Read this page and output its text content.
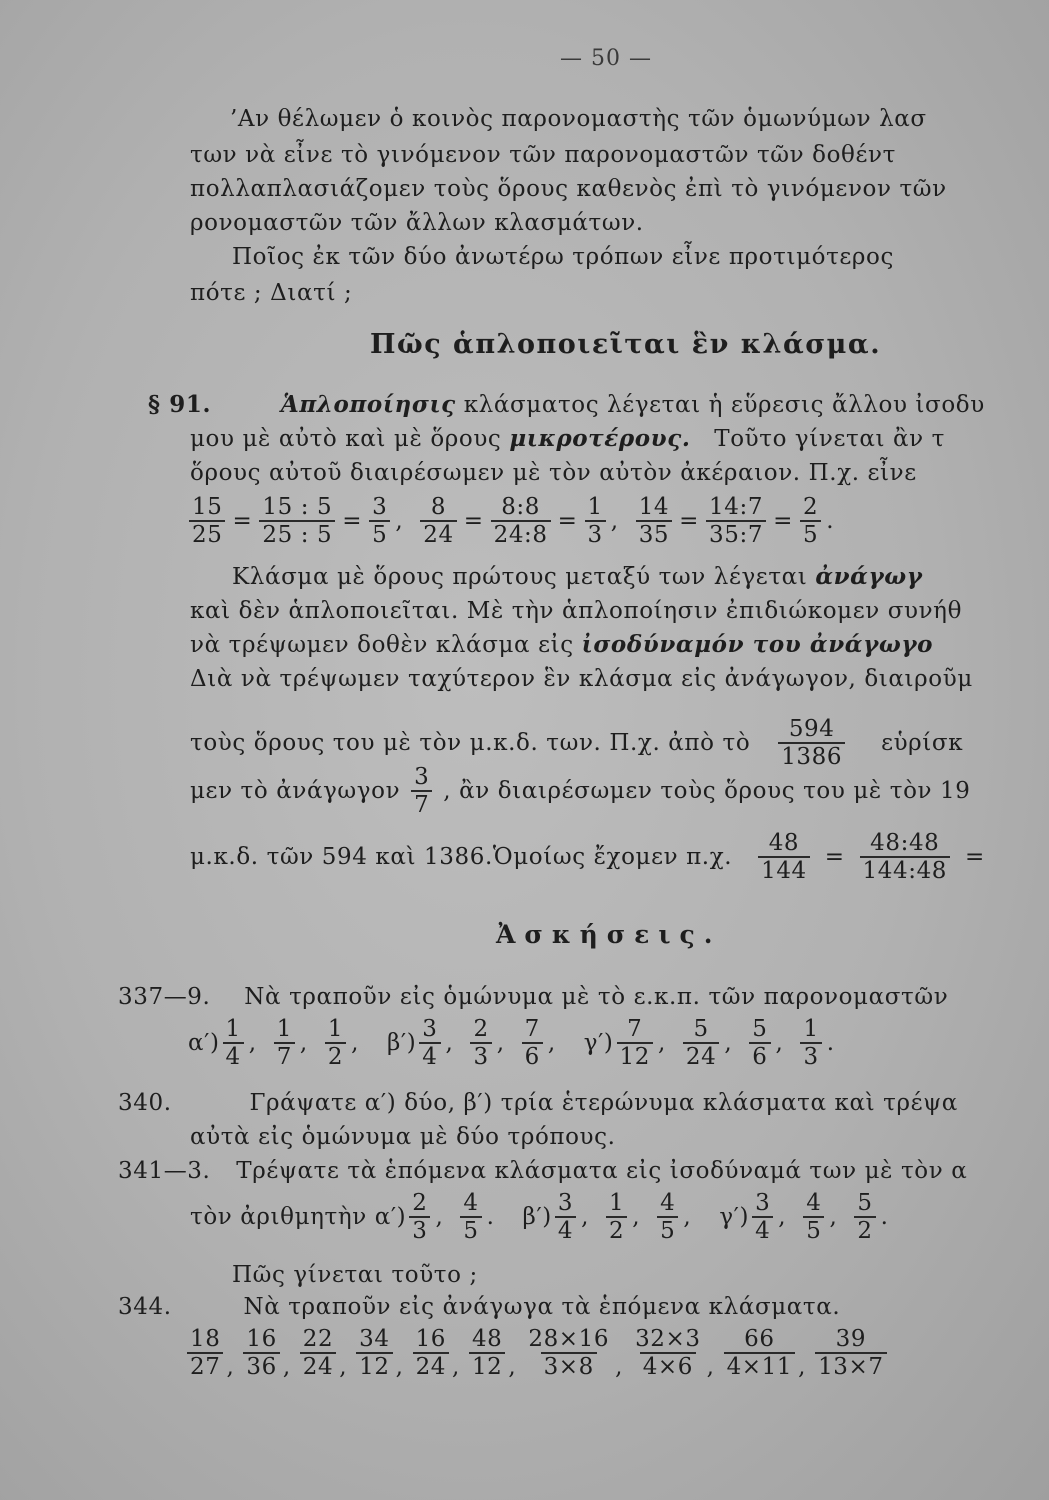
— 50 —
’Αν θέλωμεν ὁ κοινὸς παρονομαστὴς τῶν ὁμωνύμων λασ
των νὰ εἶνε τὸ γινόμενον τῶν παρονομαστῶν τῶν δοθέντ
πολλαπλασιάζομεν τοὺς ὅρους καθενὸς ἐπὶ τὸ γινόμενον τῶν
ρονομαστῶν τῶν ἄλλων κλασμάτων.
Ποῖος ἐκ τῶν δύο ἀνωτέρω τρόπων εἶνε προτιμότερος
πότε ; Διατί ;
Πῶς ἁπλοποιεῖται ἓν κλάσμα.
§ 91.	Ἁπλοποίησις κλάσματος λέγεται ἡ εὕρεσις ἄλλου ἰσοδυ
μου μὲ αὐτὸ καὶ μὲ ὅρους μικροτέρους. Τοῦτο γίνεται ἂν τ
ὅρους αὐτοῦ διαιρέσωμεν μὲ τὸν αὐτὸν ἀκέραιον. Π.χ. εἶνε
$\frac{15}{25} = \frac{15 : 5}{25 : 5} = \frac{3}{5}$ , $\frac{8}{24} = \frac{8:8}{24:8} = \frac{1}{3}$ , $\frac{14}{35} = \frac{14:7}{35:7} = \frac{2}{5}$ .
Κλάσμα μὲ ὅρους πρώτους μεταξύ των λέγεται ἀνάγωγ
καὶ δὲν ἁπλοποιεῖται. Μὲ τὴν ἁπλοποίησιν ἐπιδιώκομεν συνήθ
νὰ τρέψωμεν δοθὲν κλάσμα εἰς ἰσοδύναμόν του ἀνάγωγο
Διὰ νὰ τρέψωμεν ταχύτερον ἓν κλάσμα εἰς ἀνάγωγον, διαιροῦμ
τοὺς ὅρους του μὲ τὸν μ.κ.δ. των. Π.χ. ἀπὸ τὸ $\frac{594}{1386}$ εὑρίσκ
μεν τὸ ἀνάγωγον $\frac{3}{7}$ , ἂν διαιρέσωμεν τοὺς ὅρους του μὲ τὸν 19
μ.κ.δ. τῶν 594 καὶ 1386.Ὁμοίως ἔχομεν π.χ. $\frac{48}{144} = \frac{48:48}{144:48}$ =
Ἀσκήσεις.
337—9. Νὰ τραποῦν εἰς ὁμώνυμα μὲ τὸ ε.κ.π. τῶν παρονομαστῶν
$\alpha') \frac{1}{4}$ , $\frac{1}{7}$ , $\frac{1}{2}$ , $\beta') \frac{3}{4}$ , $\frac{2}{3}$ , $\frac{7}{6}$ , $\gamma') \frac{7}{12}$ , $\frac{5}{24}$ , $\frac{5}{6}$ , $\frac{1}{3}$ .
340.	Γράψατε α′) δύο, β′) τρία ἑτερώνυμα κλάσματα καὶ τρέψα
αὐτὰ εἰς ὁμώνυμα μὲ δύο τρόπους.
341—3. Τρέψατε τὰ ἑπόμενα κλάσματα εἰς ἰσοδύναμά των μὲ τὸν α
τὸν ἀριθμητὴν $\alpha') \frac{2}{3}$ , $\frac{4}{5}$ . $\beta') \frac{3}{4}$ , $\frac{1}{2}$ , $\frac{4}{5}$ , $\gamma') \frac{3}{4}$ , $\frac{4}{5}$ , $\frac{5}{2}$ .
Πῶς γίνεται τοῦτο ;
344.	Νὰ τραποῦν εἰς ἀνάγωγα τὰ ἑπόμενα κλάσματα.
$\frac{18}{27}$ , $\frac{16}{36}$ , $\frac{22}{24}$ , $\frac{34}{12}$ , $\frac{16}{24}$ , $\frac{48}{12}$ , $\frac{28\times 16}{3\times 8}$ , $\frac{32\times 3}{4\times 6}$ , $\frac{66}{4\times 11}$ , $\frac{39}{13\times 7}$
